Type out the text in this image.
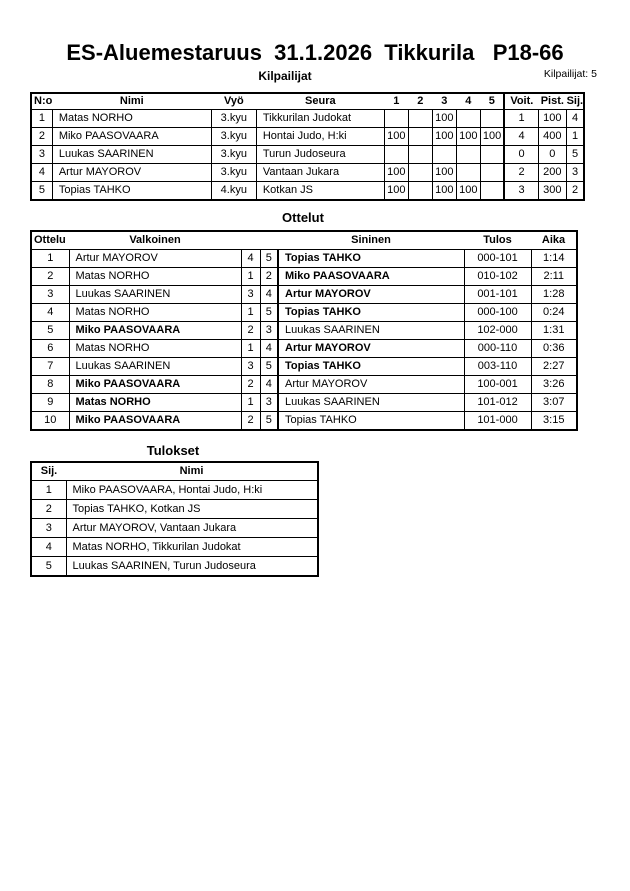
ES-Aluemestaruus  31.1.2026  Tikkurila   P18-66
Kilpailijat	Kilpailijat: 5
N:o	Nimi	Vyö	Seura	1	2	3	4	5	Voit.	Pist.	Sij.
1	Matas NORHO	3.kyu	Tikkurilan Judokat			100			1	100	4
2	Miko PAASOVAARA	3.kyu	Hontai Judo, H:ki	100		100	100	100	4	400	1
3	Luukas SAARINEN	3.kyu	Turun Judoseura						0	0	5
4	Artur MAYOROV	3.kyu	Vantaan Jukara	100		100			2	200	3
5	Topias TAHKO	4.kyu	Kotkan JS	100		100	100		3	300	2
Ottelut
Ottelu	Valkoinen			Sininen	Tulos	Aika
1	Artur MAYOROV	4	5	Topias TAHKO	000-101	1:14
2	Matas NORHO	1	2	Miko PAASOVAARA	010-102	2:11
3	Luukas SAARINEN	3	4	Artur MAYOROV	001-101	1:28
4	Matas NORHO	1	5	Topias TAHKO	000-100	0:24
5	Miko PAASOVAARA	2	3	Luukas SAARINEN	102-000	1:31
6	Matas NORHO	1	4	Artur MAYOROV	000-110	0:36
7	Luukas SAARINEN	3	5	Topias TAHKO	003-110	2:27
8	Miko PAASOVAARA	2	4	Artur MAYOROV	100-001	3:26
9	Matas NORHO	1	3	Luukas SAARINEN	101-012	3:07
10	Miko PAASOVAARA	2	5	Topias TAHKO	101-000	3:15
Tulokset
Sij.	Nimi
1	Miko PAASOVAARA, Hontai Judo, H:ki
2	Topias TAHKO, Kotkan JS
3	Artur MAYOROV, Vantaan Jukara
4	Matas NORHO, Tikkurilan Judokat
5	Luukas SAARINEN, Turun Judoseura
